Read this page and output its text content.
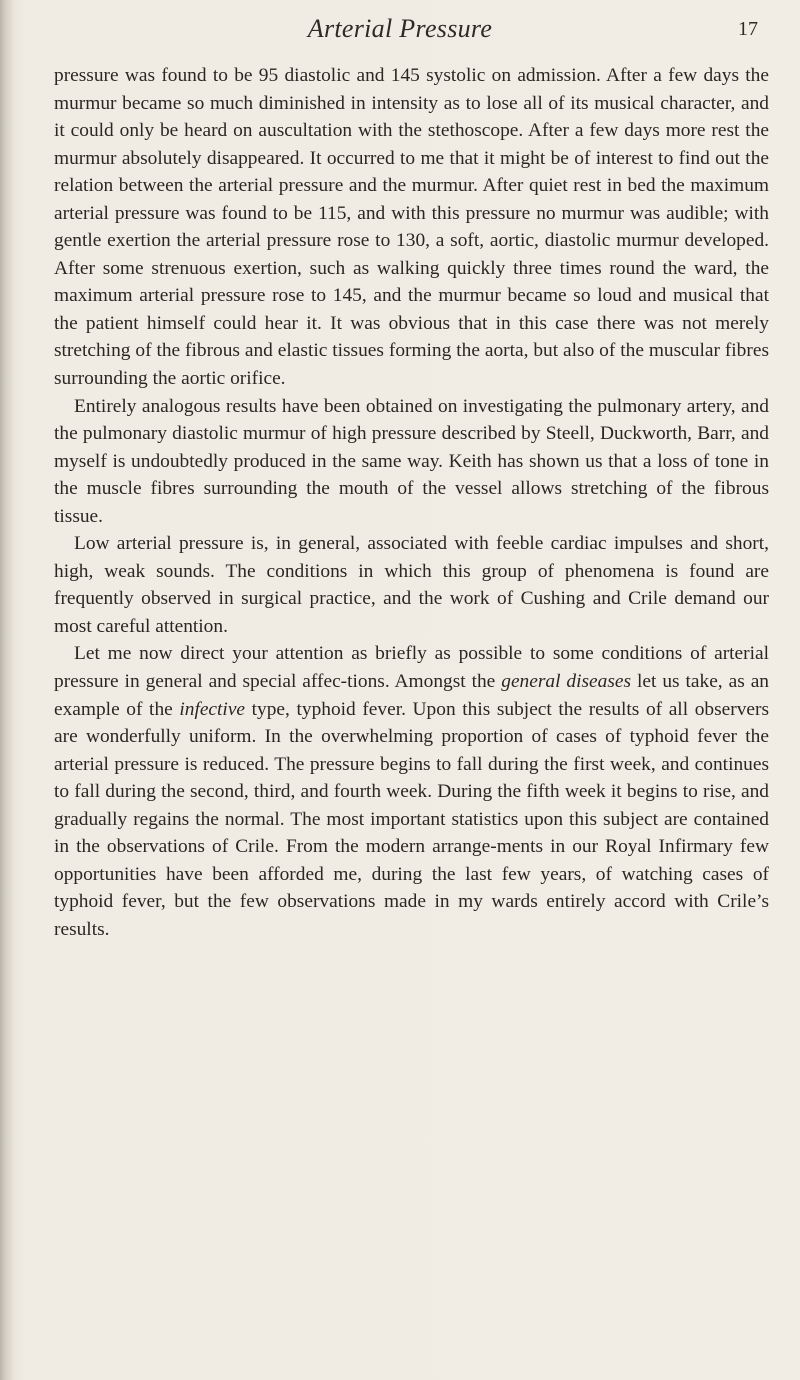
Arterial Pressure	17

pressure was found to be 95 diastolic and 145 systolic on admission. After a few days the murmur became so much diminished in intensity as to lose all of its musical character, and it could only be heard on auscultation with the stethoscope. After a few days more rest the murmur absolutely disappeared. It occurred to me that it might be of interest to find out the relation between the arterial pressure and the murmur. After quiet rest in bed the maximum arterial pressure was found to be 115, and with this pressure no murmur was audible; with gentle exertion the arterial pressure rose to 130, a soft, aortic, diastolic murmur developed. After some strenuous exertion, such as walking quickly three times round the ward, the maximum arterial pressure rose to 145, and the murmur became so loud and musical that the patient himself could hear it. It was obvious that in this case there was not merely stretching of the fibrous and elastic tissues forming the aorta, but also of the muscular fibres surrounding the aortic orifice.

Entirely analogous results have been obtained on investigating the pulmonary artery, and the pulmonary diastolic murmur of high pressure described by Steell, Duckworth, Barr, and myself is undoubtedly produced in the same way. Keith has shown us that a loss of tone in the muscle fibres surrounding the mouth of the vessel allows stretching of the fibrous tissue.

Low arterial pressure is, in general, associated with feeble cardiac impulses and short, high, weak sounds. The conditions in which this group of phenomena is found are frequently observed in surgical practice, and the work of Cushing and Crile demand our most careful attention.

Let me now direct your attention as briefly as possible to some conditions of arterial pressure in general and special affec-tions. Amongst the general diseases let us take, as an example of the infective type, typhoid fever. Upon this subject the results of all observers are wonderfully uniform. In the overwhelming proportion of cases of typhoid fever the arterial pressure is reduced. The pressure begins to fall during the first week, and continues to fall during the second, third, and fourth week. During the fifth week it begins to rise, and gradually regains the normal. The most important statistics upon this subject are contained in the observations of Crile. From the modern arrange-ments in our Royal Infirmary few opportunities have been afforded me, during the last few years, of watching cases of typhoid fever, but the few observations made in my wards entirely accord with Crile’s results.
